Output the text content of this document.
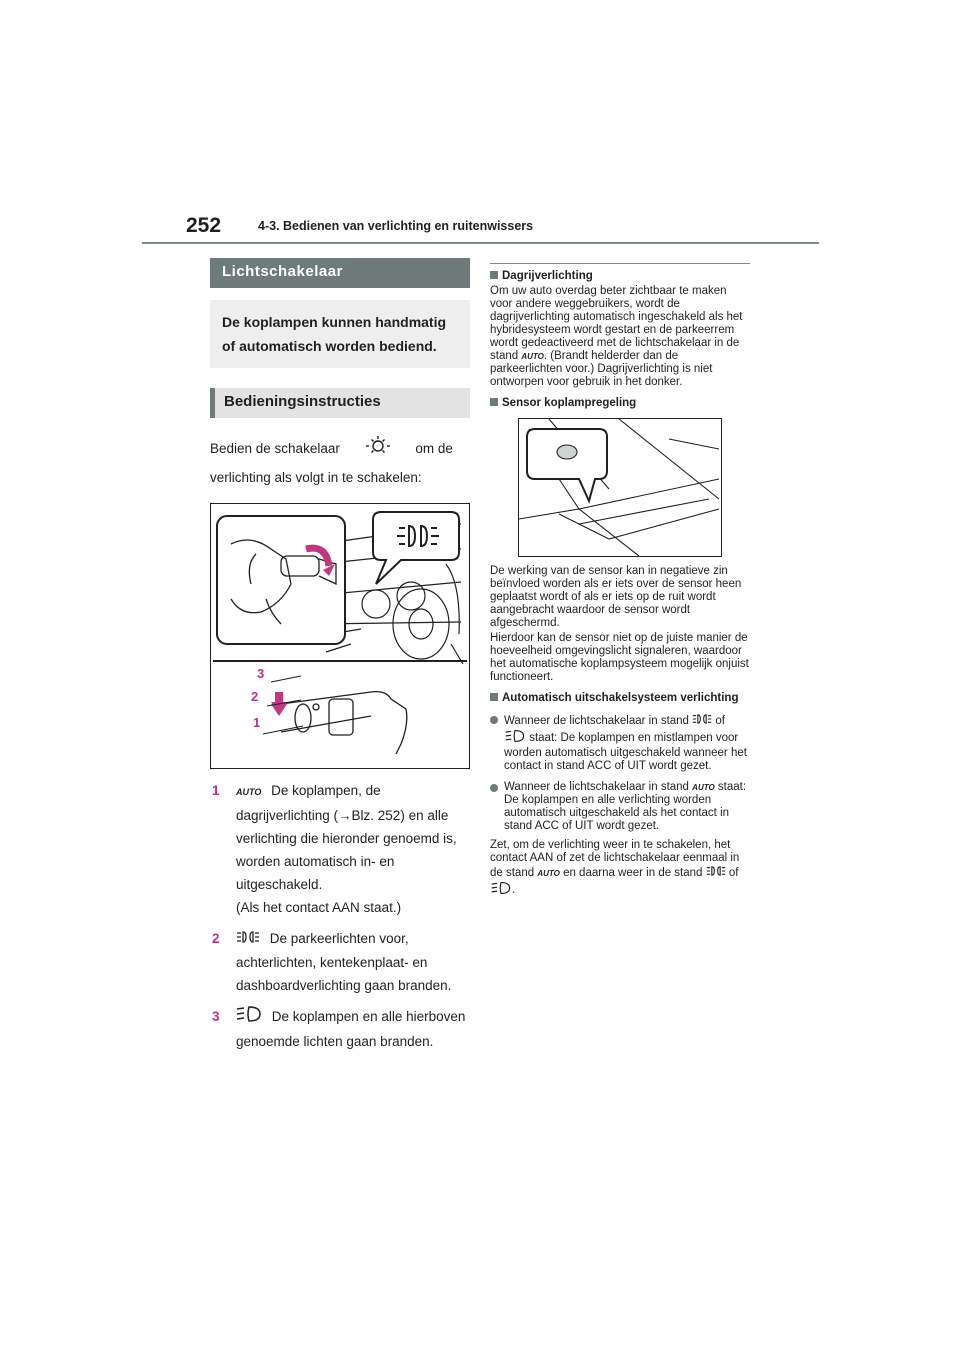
252	4-3. Bedienen van verlichting en ruitenwissers
Lichtschakelaar
De koplampen kunnen handmatig of automatisch worden bediend.
Bedieningsinstructies
Bedien de schakelaar	om de verlichting als volgt in te schakelen:
3
2
1
1 AUTO De koplampen, de dagrijverlichting (→Blz. 252) en alle verlichting die hieronder genoemd is, worden automatisch in- en uitgeschakeld.
(Als het contact AAN staat.)
2	De parkeerlichten voor, achterlichten, kentekenplaat- en dashboardverlichting gaan branden.
3	De koplampen en alle hierboven genoemde lichten gaan branden.
Dagrijverlichting
Om uw auto overdag beter zichtbaar te maken voor andere weggebruikers, wordt de dagrijverlichting automatisch ingeschakeld als het hybridesysteem wordt gestart en de parkeerrem wordt gedeactiveerd met de lichtschakelaar in de stand AUTO. (Brandt helderder dan de parkeerlichten voor.) Dagrijverlichting is niet ontworpen voor gebruik in het donker.
Sensor koplampregeling
De werking van de sensor kan in negatieve zin beïnvloed worden als er iets over de sensor heen geplaatst wordt of als er iets op de ruit wordt aangebracht waardoor de sensor wordt afgeschermd.
Hierdoor kan de sensor niet op de juiste manier de hoeveelheid omgevingslicht signaleren, waardoor het automatische koplampsysteem mogelijk onjuist functioneert.
Automatisch uitschakelsysteem verlichting
Wanneer de lichtschakelaar in stand of  staat: De koplampen en mistlampen voor worden automatisch uitgeschakeld wanneer het contact in stand ACC of UIT wordt gezet.
Wanneer de lichtschakelaar in stand AUTO staat: De koplampen en alle verlichting worden automatisch uitgeschakeld als het contact in stand ACC of UIT wordt gezet.
Zet, om de verlichting weer in te schakelen, het contact AAN of zet de lichtschakelaar eenmaal in de stand AUTO en daarna weer in de stand of .
